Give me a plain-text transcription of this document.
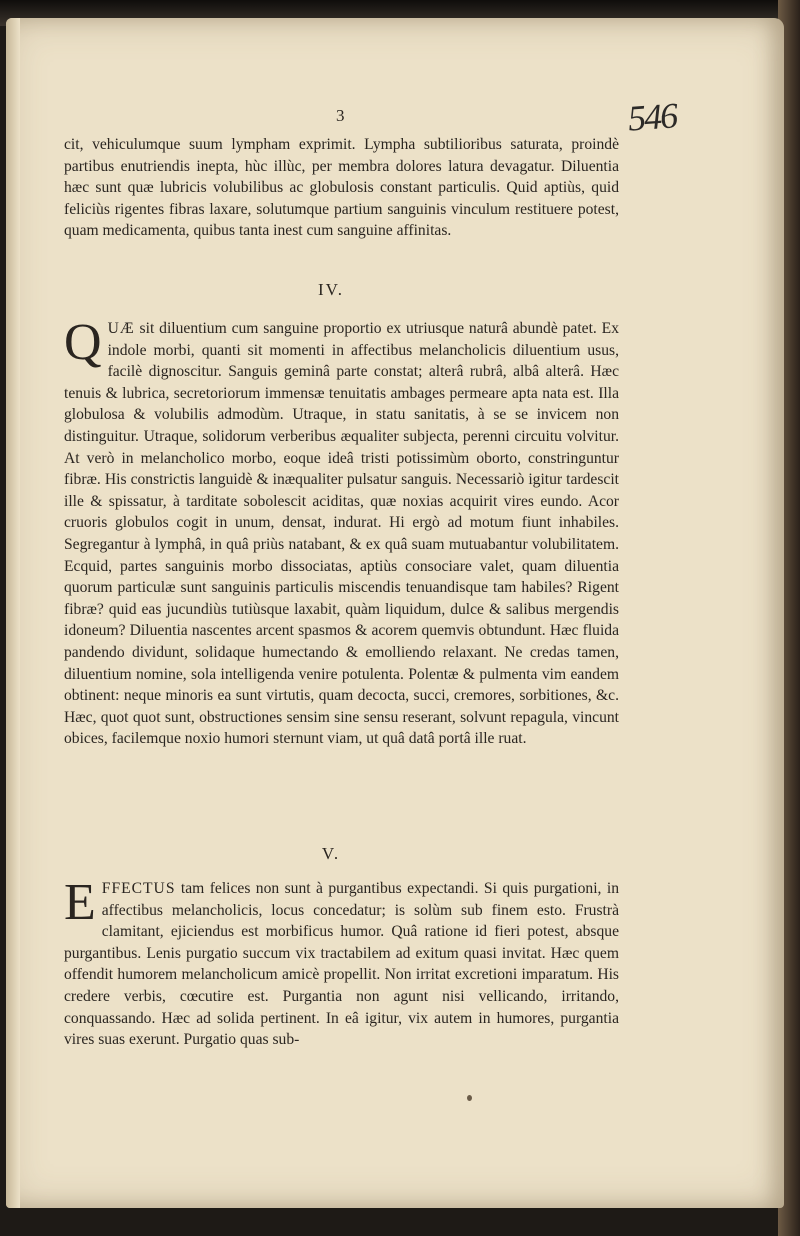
3	546

cit, vehiculumque suum lympham exprimit. Lympha subtilioribus saturata, proindè partibus enutriendis inepta, hùc illùc, per membra dolores latura devagatur. Diluentia hæc sunt quæ lubricis volubilibus ac globulosis constant particulis. Quid aptiùs, quid feliciùs rigentes fibras laxare, solutumque partium sanguinis vinculum restituere potest, quam medicamenta, quibus tanta inest cum sanguine affinitas.

IV.

QUÆ sit diluentium cum sanguine proportio ex utriusque naturâ abundè patet. Ex indole morbi, quanti sit momenti in affectibus melancholicis diluentium usus, facilè dignoscitur. Sanguis geminâ parte constat; alterâ rubrâ, albâ alterâ. Hæc tenuis & lubrica, secretoriorum immensæ tenuitatis ambages permeare apta nata est. Illa globulosa & volubilis admodùm. Utraque, in statu sanitatis, à se se invicem non distinguitur. Utraque, solidorum verberibus æqualiter subjecta, perenni circuitu volvitur. At verò in melancholico morbo, eoque ideâ tristi potissimùm oborto, constringuntur fibræ. His constrictis languidè & inæqualiter pulsatur sanguis. Necessariò igitur tardescit ille & spissatur, à tarditate sobolescit aciditas, quæ noxias acquirit vires eundo. Acor cruoris globulos cogit in unum, densat, indurat. Hi ergò ad motum fiunt inhabiles. Segregantur à lymphâ, in quâ priùs natabant, & ex quâ suam mutuabantur volubilitatem. Ecquid, partes sanguinis morbo dissociatas, aptiùs consociare valet, quam diluentia quorum particulæ sunt sanguinis particulis miscendis tenuandisque tam habiles? Rigent fibræ? quid eas jucundiùs tutiùsque laxabit, quàm liquidum, dulce & salibus mergendis idoneum? Diluentia nascentes arcent spasmos & acorem quemvis obtundunt. Hæc fluida pandendo dividunt, solidaque humectando & emolliendo relaxant. Ne credas tamen, diluentium nomine, sola intelligenda venire potulenta. Polentæ & pulmenta vim eandem obtinent: neque minoris ea sunt virtutis, quam decocta, succi, cremores, sorbitiones, &c. Hæc, quot quot sunt, obstructiones sensim sine sensu reserant, solvunt repagula, vincunt obices, facilemque noxio humori sternunt viam, ut quâ datâ portâ ille ruat.

V.

EFFECTUS tam felices non sunt à purgantibus expectandi. Si quis purgationi, in affectibus melancholicis, locus concedatur; is solùm sub finem esto. Frustrà clamitant, ejiciendus est morbificus humor. Quâ ratione id fieri potest, absque purgantibus. Lenis purgatio succum vix tractabilem ad exitum quasi invitat. Hæc quem offendit humorem melancholicum amicè propellit. Non irritat excretioni imparatum. His credere verbis, cœcutire est. Purgantia non agunt nisi vellicando, irritando, conquassando. Hæc ad solida pertinent. In eâ igitur, vix autem in humores, purgantia vires suas exerunt. Purgatio quas sub-
